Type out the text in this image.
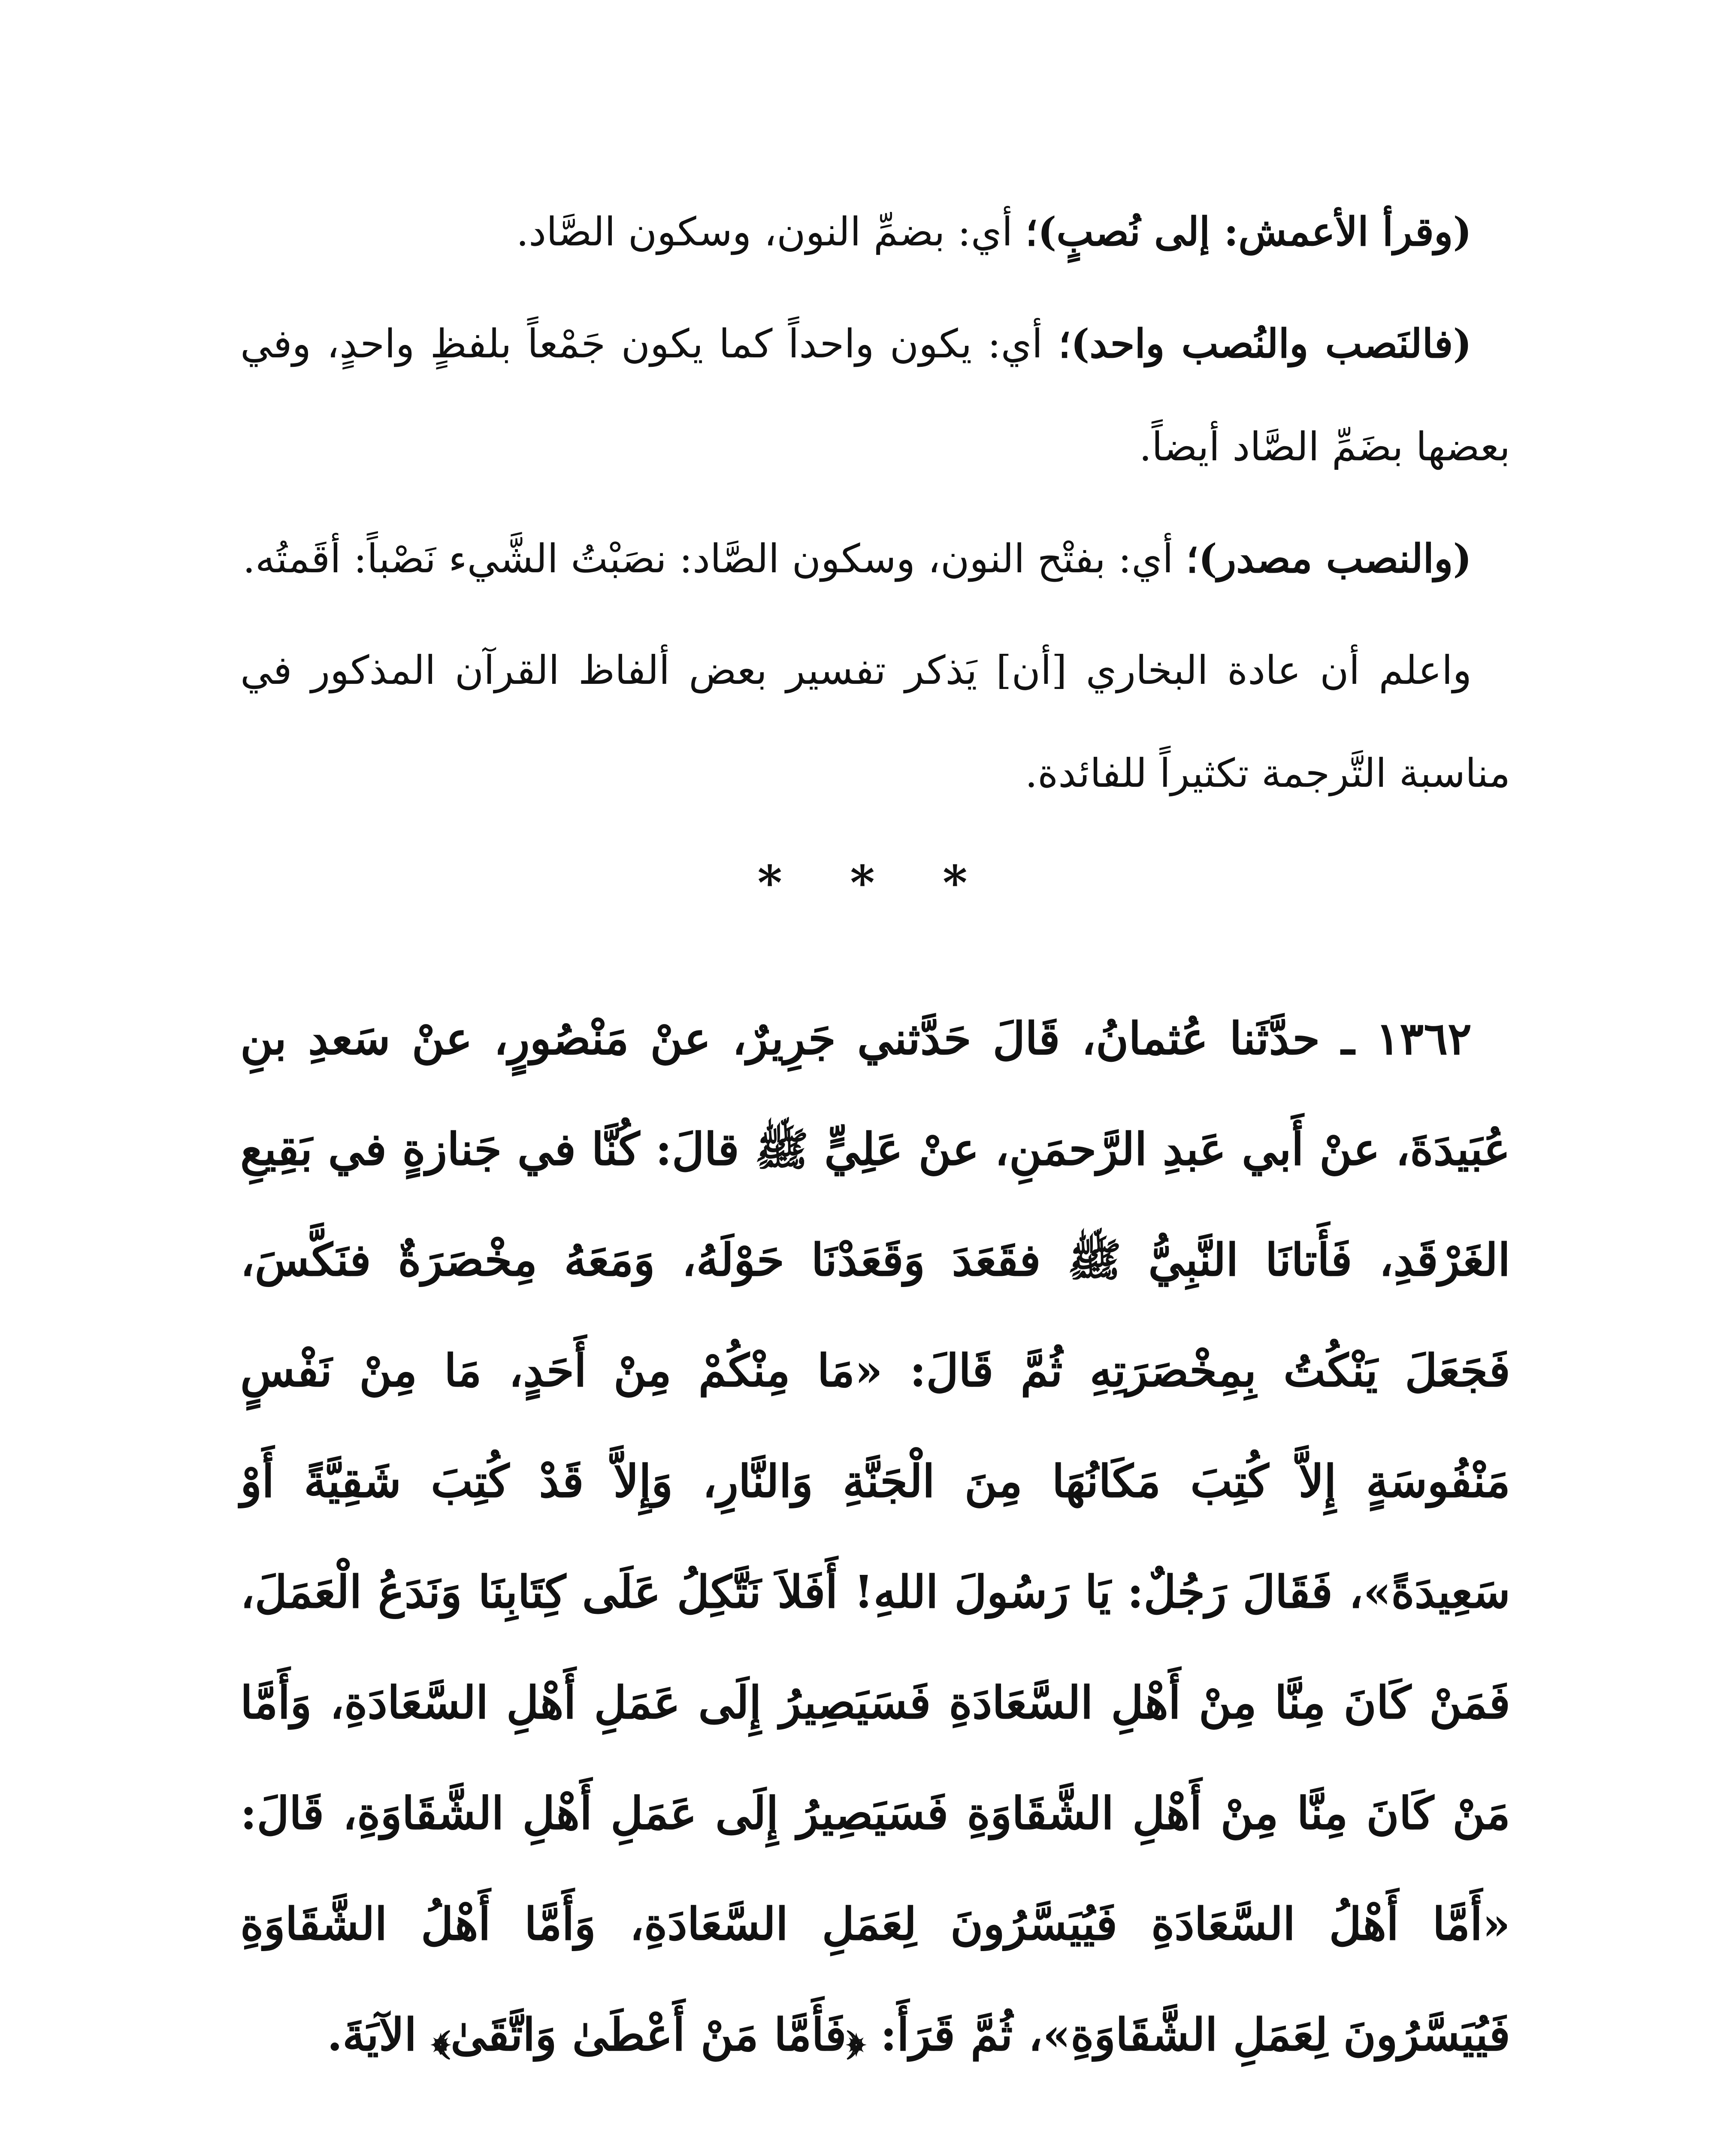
(وقرأ الأعمش: إلى نُصبٍ)؛ أي: بضمِّ النون، وسكون الصَّاد.

(فالنَصب والنُصب واحد)؛ أي: يكون واحداً كما يكون جَمْعاً بلفظٍ واحدٍ، وفي بعضها بضَمِّ الصَّاد أيضاً.

(والنصب مصدر)؛ أي: بفتْح النون، وسكون الصَّاد: نصَبْتُ الشَّيء نَصْباً: أقَمتُه.

واعلم أن عادة البخاري [أن] يَذكر تفسير بعض ألفاظ القرآن المذكور في مناسبة التَّرجمة تكثيراً للفائدة.

* * *

١٣٦٢ ـ حدَّثَنا عُثمانُ، قَالَ حَدَّثني جَرِيرٌ، عنْ مَنْصُورٍ، عنْ سَعدِ بنِ عُبَيدَةَ، عنْ أَبي عَبدِ الرَّحمَنِ، عنْ عَلِيٍّ ﷺ قالَ: كُنَّا في جَنازةٍ في بَقِيعِ الغَرْقَدِ، فَأَتانَا النَّبِيُّ ﷺ فقَعَدَ وَقَعَدْنَا حَوْلَهُ، وَمَعَهُ مِخْصَرَةٌ فنَكَّسَ، فَجَعَلَ يَنْكُتُ بِمِخْصَرَتِهِ ثُمَّ قَالَ: «مَا مِنْكُمْ مِنْ أَحَدٍ، مَا مِنْ نَفْسٍ مَنْفُوسَةٍ إِلاَّ كُتِبَ مَكَانُهَا مِنَ الْجَنَّةِ وَالنَّارِ، وَإِلاَّ قَدْ كُتِبَ شَقِيَّةً أَوْ سَعِيدَةً»، فَقَالَ رَجُلٌ: يَا رَسُولَ اللهِ! أَفَلاَ نَتَّكِلُ عَلَى كِتَابِنَا وَنَدَعُ الْعَمَلَ، فَمَنْ كَانَ مِنَّا مِنْ أَهْلِ السَّعَادَةِ فَسَيَصِيرُ إِلَى عَمَلِ أَهْلِ السَّعَادَةِ، وَأَمَّا مَنْ كَانَ مِنَّا مِنْ أَهْلِ الشَّقَاوَةِ فَسَيَصِيرُ إِلَى عَمَلِ أَهْلِ الشَّقَاوَةِ، قَالَ: «أَمَّا أَهْلُ السَّعَادَةِ فَيُيَسَّرُونَ لِعَمَلِ السَّعَادَةِ، وَأَمَّا أَهْلُ الشَّقَاوَةِ فَيُيَسَّرُونَ لِعَمَلِ الشَّقَاوَةِ»، ثُمَّ قَرَأَ: ﴿فَأَمَّا مَنْ أَعْطَىٰ وَاتَّقَىٰ﴾ الآيَةَ.
